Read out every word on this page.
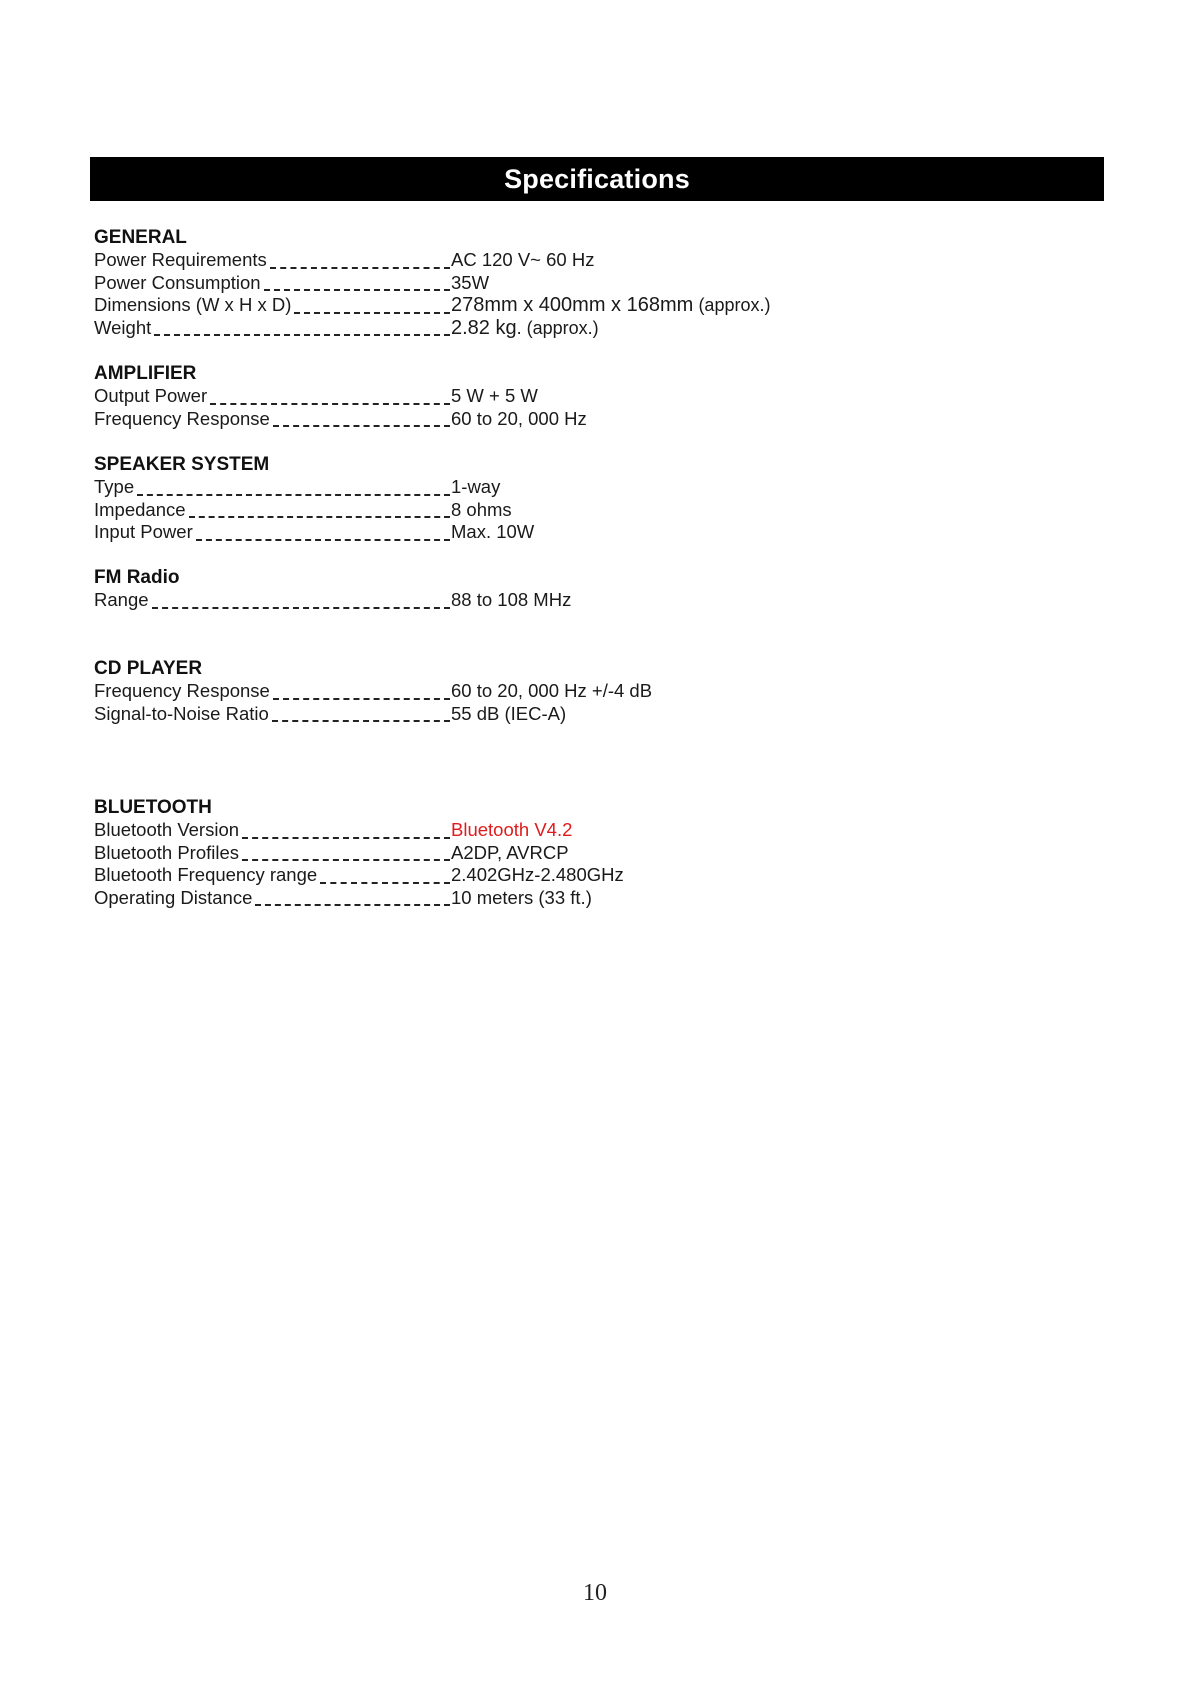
Specifications
GENERAL
Power Requirements	AC 120 V~ 60 Hz
Power Consumption	35W
Dimensions (W x H x D)	278mm x 400mm x 168mm (approx.)
Weight	2.82 kg. (approx.)
AMPLIFIER
Output Power	5 W + 5 W
Frequency Response	60 to 20, 000 Hz
SPEAKER SYSTEM
Type	1-way
Impedance	8 ohms
Input Power	Max. 10W
FM Radio
Range	88 to 108 MHz
CD PLAYER
Frequency Response	60 to 20, 000 Hz +/-4 dB
Signal-to-Noise Ratio	55 dB (IEC-A)
BLUETOOTH
Bluetooth Version	Bluetooth V4.2
Bluetooth Profiles	A2DP, AVRCP
Bluetooth Frequency range	2.402GHz-2.480GHz
Operating Distance	10 meters (33 ft.)
10
